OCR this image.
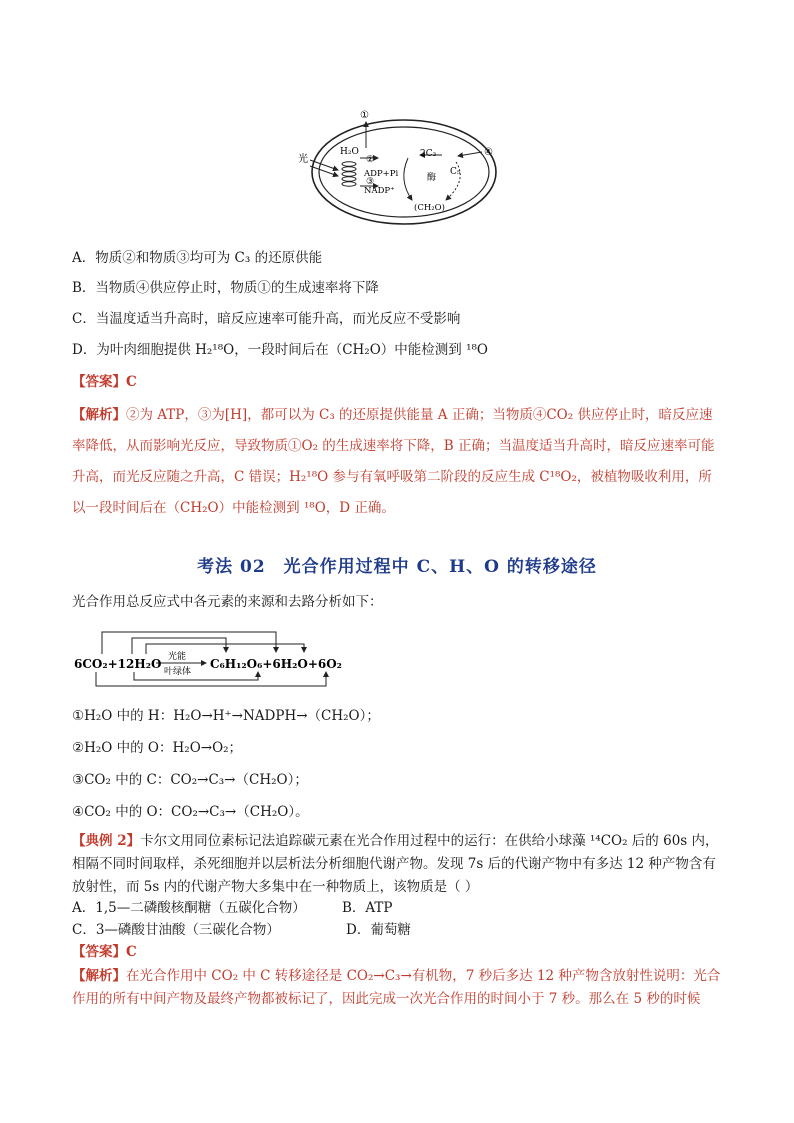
光
①
H₂O
②
ADP+Pi
③
NADP⁺
2C₃
C₅
酶
(CH₂O)
④
A．物质②和物质③均可为 C₃ 的还原供能
B．当物质④供应停止时，物质①的生成速率将下降
C．当温度适当升高时，暗反应速率可能升高，而光反应不受影响
D．为叶肉细胞提供 H₂¹⁸O，一段时间后在（CH₂O）中能检测到 ¹⁸O
【答案】C
【解析】②为 ATP，③为[H]，都可以为 C₃ 的还原提供能量 A 正确；当物质④CO₂ 供应停止时，暗反应速率降低，从而影响光反应，导致物质①O₂ 的生成速率将下降，B 正确；当温度适当升高时，暗反应速率可能升高，而光反应随之升高，C 错误；H₂¹⁸O 参与有氧呼吸第二阶段的反应生成 C¹⁸O₂，被植物吸收利用，所以一段时间后在（CH₂O）中能检测到 ¹⁸O，D 正确。
考法 02　光合作用过程中 C、H、O 的转移途径
光合作用总反应式中各元素的来源和去路分析如下：
6CO₂+12H₂O 光能
叶绿体
C₆H₁₂O₆+6H₂O+6O₂
①H₂O 中的 H：H₂O→H⁺→NADPH→（CH₂O）；
②H₂O 中的 O：H₂O→O₂；
③CO₂ 中的 C：CO₂→C₃→（CH₂O）；
④CO₂ 中的 O：CO₂→C₃→（CH₂O）。
【典例 2】卡尔文用同位素标记法追踪碳元素在光合作用过程中的运行：在供给小球藻 ¹⁴CO₂ 后的 60s 内，相隔不同时间取样，杀死细胞并以层析法分析细胞代谢产物。发现 7s 后的代谢产物中有多达 12 种产物含有放射性，而 5s 内的代谢产物大多集中在一种物质上，该物质是（ ）
A．1,5—二磷酸核酮糖（五碳化合物）	B．ATP
C．3—磷酸甘油酸（三碳化合物）	D．葡萄糖
【答案】C
【解析】在光合作用中 CO₂ 中 C 转移途径是 CO₂→C₃→有机物，7 秒后多达 12 种产物含放射性说明：光合作用的所有中间产物及最终产物都被标记了，因此完成一次光合作用的时间小于 7 秒。那么在 5 秒的时候
